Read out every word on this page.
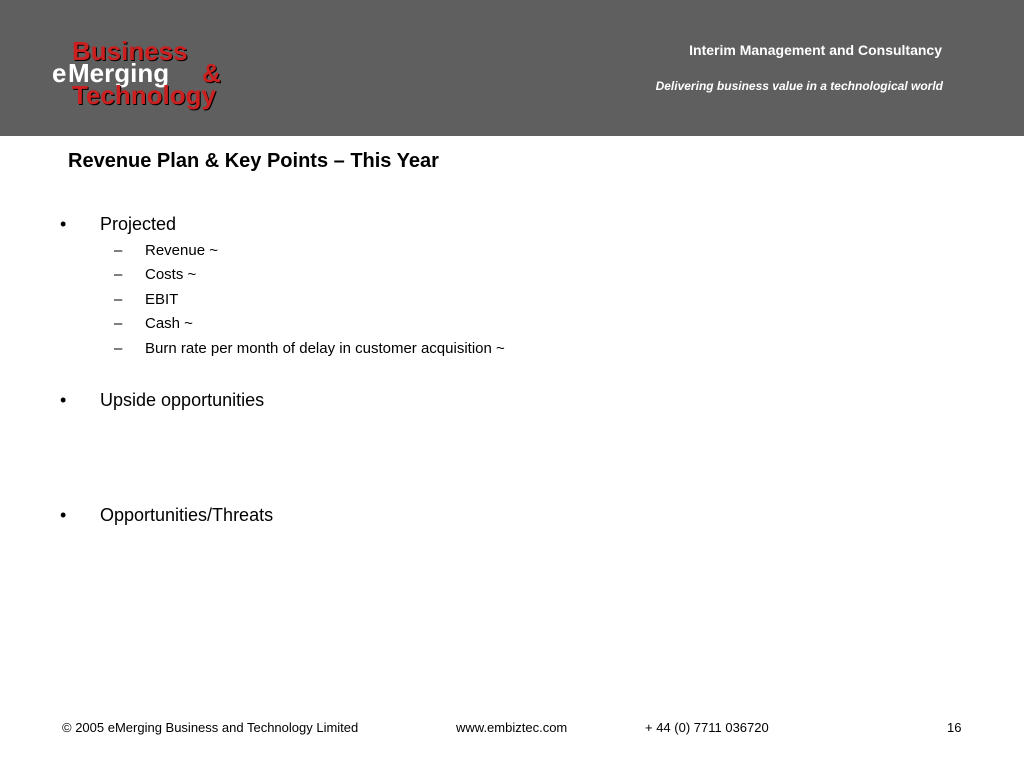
Business
e Merging &
Technology
Interim Management and Consultancy
Delivering business value in a technological world
Revenue Plan & Key Points – This Year
• Projected
– Revenue ~
– Costs ~
– EBIT
– Cash ~
– Burn rate per month of delay in customer acquisition ~
• Upside opportunities
• Opportunities/Threats
© 2005 eMerging Business and Technology Limited	www.embiztec.com	+ 44 (0) 7711 036720	16
